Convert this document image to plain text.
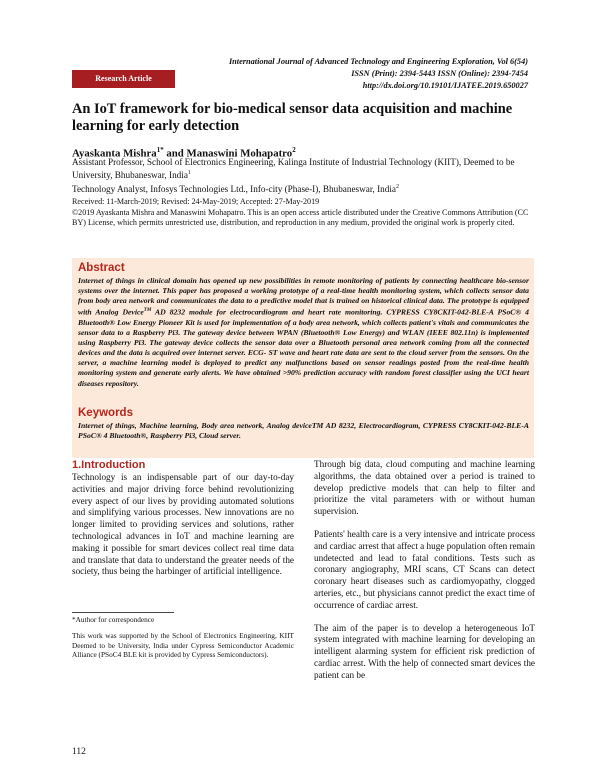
International Journal of Advanced Technology and Engineering Exploration, Vol 6(54)
ISSN (Print): 2394-5443 ISSN (Online): 2394-7454
http://dx.doi.org/10.19101/IJATEE.2019.650027
Research Article
An IoT framework for bio-medical sensor data acquisition and machine learning for early detection
Ayaskanta Mishra$^{1*}$ and Manaswini Mohapatro$^2$
Assistant Professor, School of Electronics Engineering, Kalinga Institute of Industrial Technology (KIIT), Deemed to be University, Bhubaneswar, India$^1$
Technology Analyst, Infosys Technologies Ltd., Info-city (Phase-I), Bhubaneswar, India$^2$
Received: 11-March-2019; Revised: 24-May-2019; Accepted: 27-May-2019
©2019 Ayaskanta Mishra and Manaswini Mohapatro. This is an open access article distributed under the Creative Commons Attribution (CC BY) License, which permits unrestricted use, distribution, and reproduction in any medium, provided the original work is properly cited.
Abstract
Internet of things in clinical domain has opened up new possibilities in remote monitoring of patients by connecting healthcare bio-sensor systems over the internet. This paper has proposed a working prototype of a real-time health monitoring system, which collects sensor data from body area network and communicates the data to a predictive model that is trained on historical clinical data. The prototype is equipped with Analog Device™ AD 8232 module for electrocardiogram and heart rate monitoring. CYPRESS CY8CKIT-042-BLE-A PSoC® 4 Bluetooth® Low Energy Pioneer Kit is used for implementation of a body area network, which collects patient's vitals and communicates the sensor data to a Raspberry Pi3. The gateway device between WPAN (Bluetooth® Low Energy) and WLAN (IEEE 802.11n) is implemented using Raspberry Pi3. The gateway device collects the sensor data over a Bluetooth personal area network coming from all the connected devices and the data is acquired over internet server. ECG- ST wave and heart rate data are sent to the cloud server from the sensors. On the server, a machine learning model is deployed to predict any malfunctions based on sensor readings posted from the real-time health monitoring system and generate early alerts. We have obtained >90% prediction accuracy with random forest classifier using the UCI heart diseases repository.
Keywords
Internet of things, Machine learning, Body area network, Analog deviceTM AD 8232, Electrocardiogram, CYPRESS CY8CKIT-042-BLE-A PSoC® 4 Bluetooth®, Raspberry Pi3, Cloud server.
1.Introduction

Technology is an indispensable part of our day-to-day activities and major driving force behind revolutionizing every aspect of our lives by providing automated solutions and simplifying various processes. New innovations are no longer limited to providing services and solutions, rather technological advances in IoT and machine learning are making it possible for smart devices collect real time data and translate that data to understand the greater needs of the society, thus being the harbinger of artificial intelligence.

Through big data, cloud computing and machine learning algorithms, the data obtained over a period is trained to develop predictive models that can help to filter and prioritize the vital parameters with or without human supervision.

Patients' health care is a very intensive and intricate process and cardiac arrest that affect a huge population often remain undetected and lead to fatal conditions. Tests such as coronary angiography, MRI scans, CT Scans can detect coronary heart diseases such as cardiomyopathy, clogged arteries, etc., but physicians cannot predict the exact time of occurrence of cardiac arrest.

The aim of the paper is to develop a heterogeneous IoT system integrated with machine learning for developing an intelligent alarming system for efficient risk prediction of cardiac arrest. With the help of connected smart devices the patient can be

*Author for correspondence
This work was supported by the School of Electronics Engineering, KIIT Deemed to be University, India under Cypress Semiconductor Academic Alliance (PSoC4 BLE kit is provided by Cypress Semiconductors).
112
